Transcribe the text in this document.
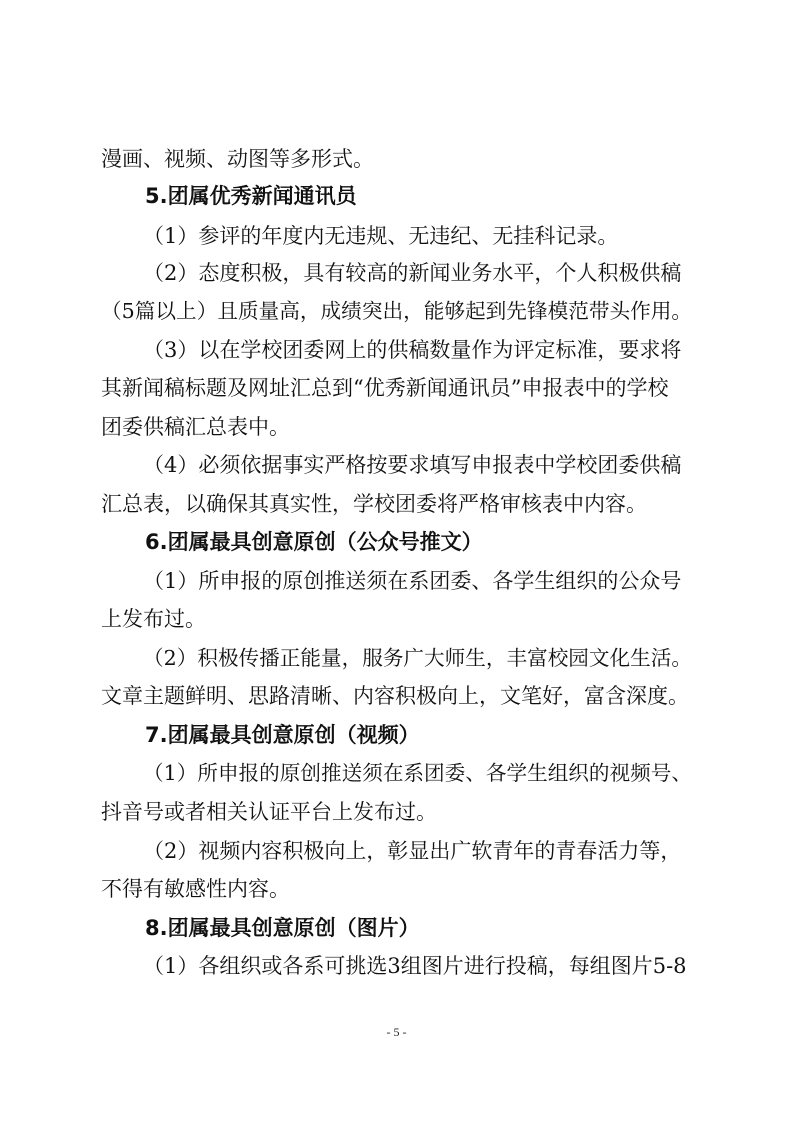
漫画、视频、动图等多形式。

5.团属优秀新闻通讯员

（1）参评的年度内无违规、无违纪、无挂科记录。

（2）态度积极，具有较高的新闻业务水平，个人积极供稿

（5篇以上）且质量高，成绩突出，能够起到先锋模范带头作用。

（3）以在学校团委网上的供稿数量作为评定标准，要求将

其新闻稿标题及网址汇总到“优秀新闻通讯员”申报表中的学校

团委供稿汇总表中。

（4）必须依据事实严格按要求填写申报表中学校团委供稿

汇总表，以确保其真实性，学校团委将严格审核表中内容。

6.团属最具创意原创（公众号推文）

（1）所申报的原创推送须在系团委、各学生组织的公众号

上发布过。

（2）积极传播正能量，服务广大师生，丰富校园文化生活。

文章主题鲜明、思路清晰、内容积极向上，文笔好，富含深度。

7.团属最具创意原创（视频）

（1）所申报的原创推送须在系团委、各学生组织的视频号、

抖音号或者相关认证平台上发布过。

（2）视频内容积极向上，彰显出广软青年的青春活力等，

不得有敏感性内容。

8.团属最具创意原创（图片）

（1）各组织或各系可挑选3组图片进行投稿，每组图片5-8

- 5 -
